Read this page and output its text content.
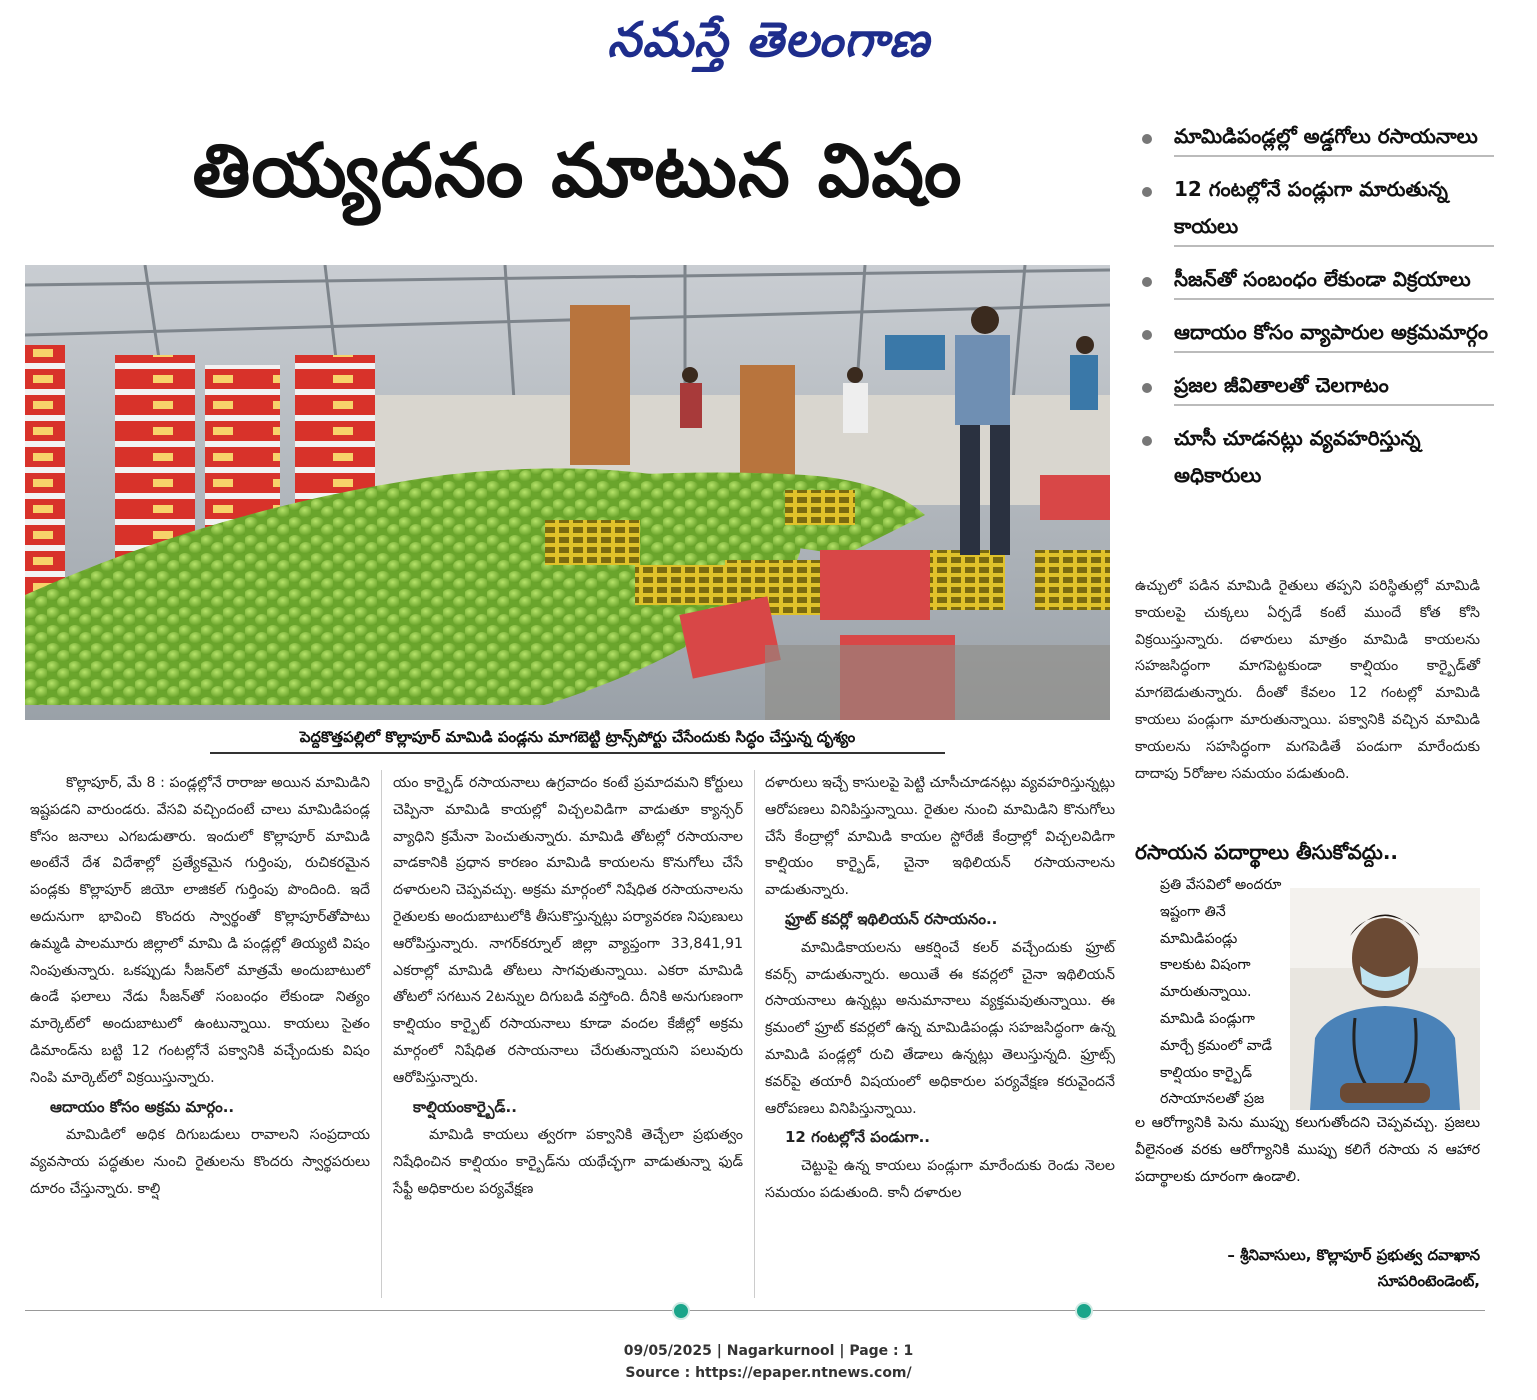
నమస్తే తెలంగాణ
తియ్యదనం మాటున విషం
పెద్దకొత్తపల్లిలో కొల్లాపూర్ మామిడి పండ్లను మాగబెట్టి ట్రాన్స్‌పోర్టు చేసేందుకు సిద్ధం చేస్తున్న దృశ్యం
మామిడిపండ్లల్లో అడ్డగోలు రసాయనాలు
12 గంటల్లోనే పండ్లుగా మారుతున్న కాయలు
సీజన్‌తో సంబంధం లేకుండా విక్రయాలు
ఆదాయం కోసం వ్యాపారుల అక్రమమార్గం
ప్రజల జీవితాలతో చెలగాటం
చూసీ చూడనట్లు వ్యవహరిస్తున్న అధికారులు

కొల్లాపూర్, మే 8 : పండ్లల్లోనే రారాజు అయిన మామిడిని ఇష్టపడని వారుండరు. వేసవి వచ్చిందంటే చాలు మామిడిపండ్ల కోసం జనాలు ఎగబడుతారు. ఇందులో కొల్లాపూర్ మామిడి అంటేనే దేశ విదేశాల్లో ప్రత్యేకమైన గుర్తింపు, రుచికరమైన పండ్లకు కొల్లాపూర్ జియో లాజికల్ గుర్తింపు పొందింది. ఇదే అదునుగా భావించి కొందరు స్వార్థంతో కొల్లాపూర్‌తోపాటు ఉమ్మడి పాలమూరు జిల్లాలో మామి డి పండ్లల్లో తియ్యటి విషం నింపుతున్నారు. ఒకప్పుడు సీజన్‌లో మాత్రమే అందుబాటులో ఉండే ఫలాలు నేడు సీజన్‌తో సంబంధం లేకుండా నిత్యం మార్కెట్‌లో అందుబాటులో ఉంటున్నాయి. కాయలు సైతం డిమాండ్‌ను బట్టి 12 గంటల్లోనే పక్వానికి వచ్చేందుకు విషం నింపి మార్కెట్‌లో విక్రయిస్తున్నారు.

ఆదాయం కోసం అక్రమ మార్గం..

మామిడిలో అధిక దిగుబడులు రావాలని సంప్రదాయ వ్యవసాయ పద్ధతుల నుంచి రైతులను కొందరు స్వార్థపరులు దూరం చేస్తున్నారు. కాల్షి

యం కార్బైడ్ రసాయనాలు ఉగ్రవాదం కంటే ప్రమాదమని కోర్టులు చెప్పినా మామిడి కాయల్లో విచ్చలవిడిగా వాడుతూ క్యాన్సర్ వ్యాధిని క్రమేనా పెంచుతున్నారు. మామిడి తోటల్లో రసాయనాల వాడకానికి ప్రధాన కారణం మామిడి కాయలను కొనుగోలు చేసే దళారులని చెప్పవచ్చు. అక్రమ మార్గంలో నిషేధిత రసాయనాలను రైతులకు అందుబాటులోకి తీసుకొస్తున్నట్లు పర్యావరణ నిపుణులు ఆరోపిస్తున్నారు. నాగర్‌కర్నూల్ జిల్లా వ్యాప్తంగా 33,841,91 ఎకరాల్లో మామిడి తోటలు సాగవుతున్నాయి. ఎకరా మామిడి తోటలో సగటున 2టన్నుల దిగుబడి వస్తోంది. దీనికి అనుగుణంగా కాల్షియం కార్బైట్ రసాయనాలు కూడా వందల కేజీల్లో అక్రమ మార్గంలో నిషేధిత రసాయనాలు చేరుతున్నాయని పలువురు ఆరోపిస్తున్నారు.

కాల్షియంకార్బైడ్..

మామిడి కాయలు త్వరగా పక్వానికి తెచ్చేలా ప్రభుత్వం నిషేధించిన కాల్షియం కార్బైడ్‌ను యథేచ్ఛగా వాడుతున్నా ఫుడ్ సేఫ్టీ అధికారుల పర్యవేక్షణ

దళారులు ఇచ్చే కాసులపై పెట్టి చూసీచూడనట్లు వ్యవహరిస్తున్నట్లు ఆరోపణలు వినిపిస్తున్నాయి. రైతుల నుంచి మామిడిని కొనుగోలు చేసే కేంద్రాల్లో మామిడి కాయల స్టోరేజీ కేంద్రాల్లో విచ్చలవిడిగా కాల్షియం కార్బైడ్, చైనా ఇథిలియన్ రసాయనాలను వాడుతున్నారు.

ఫ్రూట్ కవర్లో ఇథిలియన్ రసాయనం..

మామిడికాయలను ఆకర్షించే కలర్ వచ్చేందుకు ఫ్రూట్ కవర్స్ వాడుతున్నారు. అయితే ఈ కవర్లలో చైనా ఇథిలియన్ రసాయనాలు ఉన్నట్లు అనుమానాలు వ్యక్తమవుతున్నాయి. ఈ క్రమంలో ఫ్రూట్ కవర్లలో ఉన్న మామిడిపండ్లు సహజసిద్ధంగా ఉన్న మామిడి పండ్లల్లో రుచి తేడాలు ఉన్నట్లు తెలుస్తున్నది. ఫ్రూట్స్ కవర్‌పై తయారీ విషయంలో అధికారుల పర్యవేక్షణ కరువైందనే ఆరోపణలు వినిపిస్తున్నాయి.

12 గంటల్లోనే పండుగా..

చెట్టుపై ఉన్న కాయలు పండ్లుగా మారేందుకు రెండు నెలల సమయం పడుతుంది. కానీ దళారుల

ఉచ్చులో పడిన మామిడి రైతులు తప్పని పరిస్థితుల్లో మామిడి కాయలపై చుక్కలు ఏర్పడే కంటే ముందే కోత కోసి విక్రయిస్తున్నారు. దళారులు మాత్రం మామిడి కాయలను సహజసిద్ధంగా మాగపెట్టకుండా కాల్షియం కార్బైడ్‌తో మాగబెడుతున్నారు. దీంతో కేవలం 12 గంటల్లో మామిడి కాయలు పండ్లుగా మారుతున్నాయి. పక్వానికి వచ్చిన మామిడి కాయలను సహసిద్ధంగా మగపెడితే పండుగా మారేందుకు దాదాపు 5రోజుల సమయం పడుతుంది.

రసాయన పదార్థాలు తీసుకోవద్దు..
ప్రతి వేసవిలో అందరూ ఇష్టంగా తినే మామిడిపండ్లు కాలకుట విషంగా మారుతున్నాయి. మామిడి పండ్లుగా మార్చే క్రమంలో వాడే కాల్షియం కార్బైడ్ రసాయానలతో ప్రజ
ల ఆరోగ్యానికి పెను ముప్పు కలుగుతోందని చెప్పవచ్చు. ప్రజలు వీలైనంత వరకు ఆరోగ్యానికి ముప్పు కలిగే రసాయ న ఆహార పదార్థాలకు దూరంగా ఉండాలి.
– శ్రీనివాసులు, కొల్లాపూర్ ప్రభుత్వ దవాఖాన సూపరింటెండెంట్,
09/05/2025 | Nagarkurnool | Page : 1
Source : https://epaper.ntnews.com/
